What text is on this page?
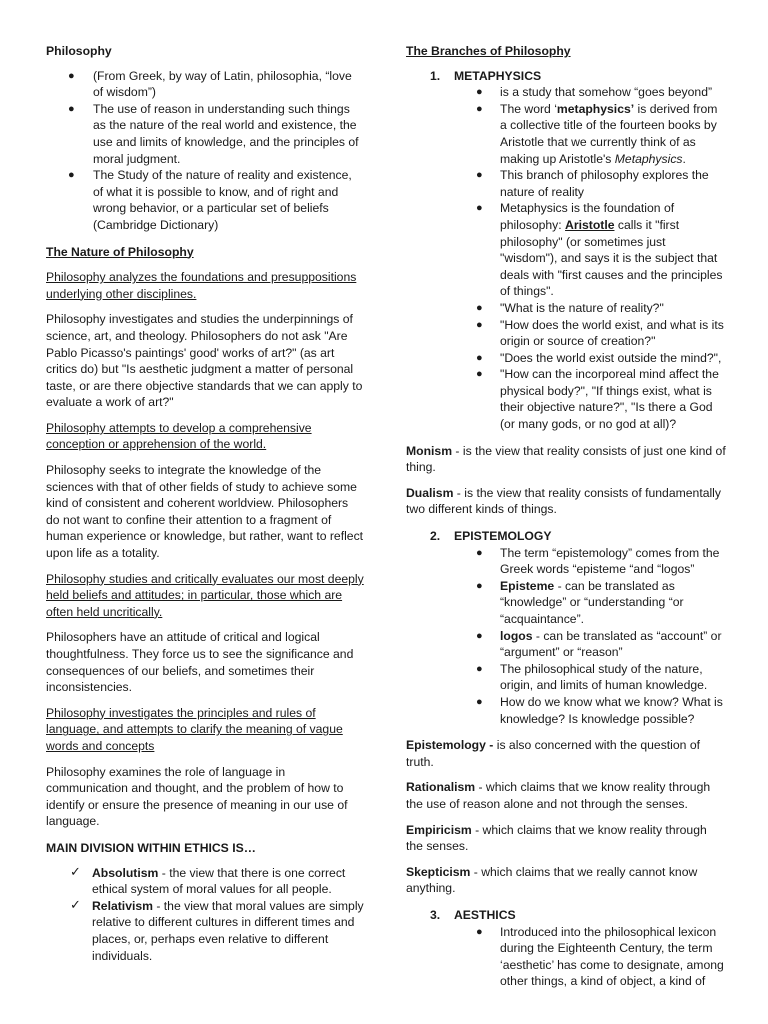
Philosophy

● (From Greek, by way of Latin, philosophia, “love of wisdom”)
● The use of reason in understanding such things as the nature of the real world and existence, the use and limits of knowledge, and the principles of moral judgment.
● The Study of the nature of reality and existence, of what it is possible to know, and of right and wrong behavior, or a particular set of beliefs (Cambridge Dictionary)

The Nature of Philosophy

Philosophy analyzes the foundations and presuppositions underlying other disciplines.

Philosophy investigates and studies the underpinnings of science, art, and theology. Philosophers do not ask "Are Pablo Picasso's paintings' good' works of art?" (as art critics do) but "Is aesthetic judgment a matter of personal taste, or are there objective standards that we can apply to evaluate a work of art?"

Philosophy attempts to develop a comprehensive conception or apprehension of the world.

Philosophy seeks to integrate the knowledge of the sciences with that of other fields of study to achieve some kind of consistent and coherent worldview. Philosophers do not want to confine their attention to a fragment of human experience or knowledge, but rather, want to reflect upon life as a totality.

Philosophy studies and critically evaluates our most deeply held beliefs and attitudes; in particular, those which are often held uncritically.

Philosophers have an attitude of critical and logical thoughtfulness. They force us to see the significance and consequences of our beliefs, and sometimes their inconsistencies.

Philosophy investigates the principles and rules of language, and attempts to clarify the meaning of vague words and concepts

Philosophy examines the role of language in communication and thought, and the problem of how to identify or ensure the presence of meaning in our use of language.

MAIN DIVISION WITHIN ETHICS IS…

✓ Absolutism - the view that there is one correct ethical system of moral values for all people.
✓ Relativism - the view that moral values are simply relative to different cultures in different times and places, or, perhaps even relative to different individuals.

The Branches of Philosophy

1. METAPHYSICS

● is a study that somehow “goes beyond”
● The word ‘metaphysics’ is derived from a collective title of the fourteen books by Aristotle that we currently think of as making up Aristotle's Metaphysics.
● This branch of philosophy explores the nature of reality
● Metaphysics is the foundation of philosophy: Aristotle calls it "first philosophy" (or sometimes just "wisdom"), and says it is the subject that deals with "first causes and the principles of things".
● "What is the nature of reality?"
● "How does the world exist, and what is its origin or source of creation?"
● "Does the world exist outside the mind?",
● "How can the incorporeal mind affect the physical body?", "If things exist, what is their objective nature?", "Is there a God (or many gods, or no god at all)?

Monism - is the view that reality consists of just one kind of thing.

Dualism - is the view that reality consists of fundamentally two different kinds of things.

2. EPISTEMOLOGY

● The term “epistemology” comes from the Greek words “episteme “and “logos”
● Episteme - can be translated as “knowledge” or “understanding “or “acquaintance”.
● logos - can be translated as “account” or “argument” or “reason”
● The philosophical study of the nature, origin, and limits of human knowledge.
● How do we know what we know? What is knowledge? Is knowledge possible?

Epistemology - is also concerned with the question of truth.

Rationalism - which claims that we know reality through the use of reason alone and not through the senses.

Empiricism - which claims that we know reality through the senses.

Skepticism - which claims that we really cannot know anything.

3. AESTHICS

● Introduced into the philosophical lexicon during the Eighteenth Century, the term ‘aesthetic’ has come to designate, among other things, a kind of object, a kind of
